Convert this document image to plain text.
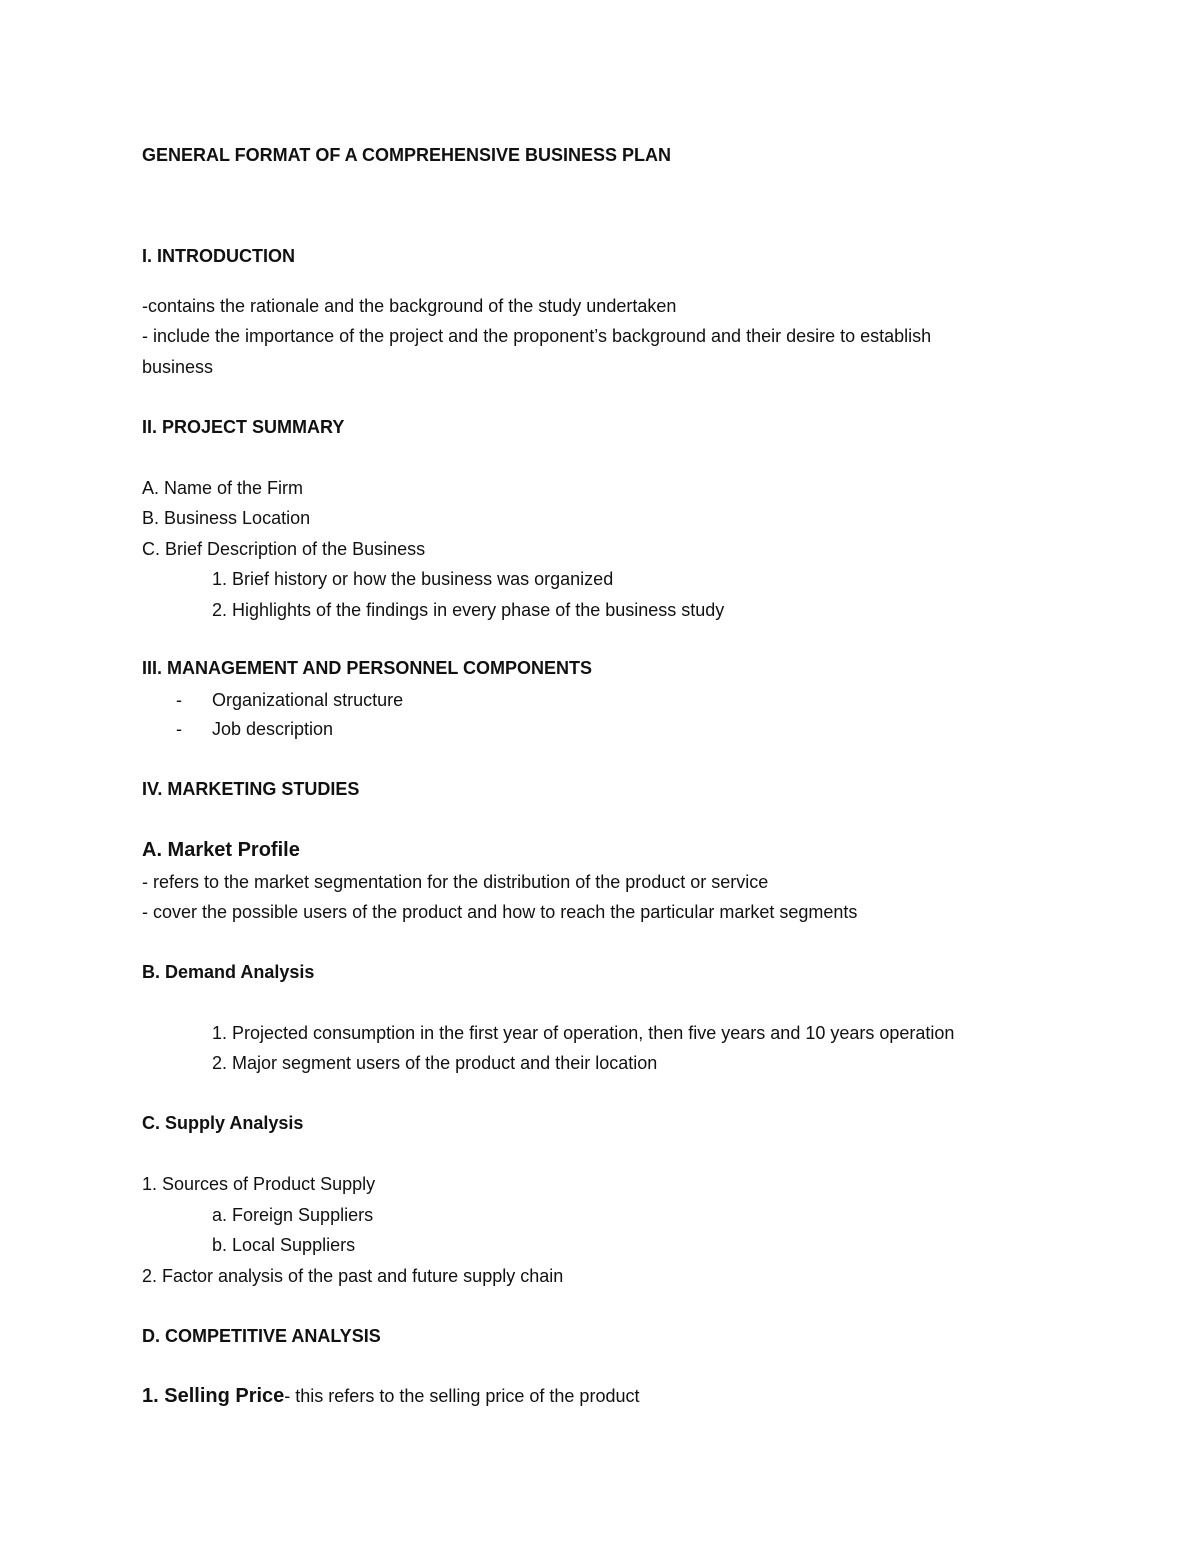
GENERAL FORMAT OF A COMPREHENSIVE BUSINESS PLAN
I. INTRODUCTION
-contains the rationale and the background of the study undertaken
- include the importance of the project and the proponent’s background and their desire to establish
business
II. PROJECT SUMMARY
A. Name of the Firm
B. Business Location
C. Brief Description of the Business
1. Brief history or how the business was organized
2. Highlights of the findings in every phase of the business study
III. MANAGEMENT AND PERSONNEL COMPONENTS
- Organizational structure
- Job description
IV. MARKETING STUDIES
A. Market Profile
- refers to the market segmentation for the distribution of the product or service
- cover the possible users of the product and how to reach the particular market segments
B. Demand Analysis
1. Projected consumption in the first year of operation, then five years and 10 years operation
2. Major segment users of the product and their location
C. Supply Analysis
1. Sources of Product Supply
a. Foreign Suppliers
b. Local Suppliers
2. Factor analysis of the past and future supply chain
D. COMPETITIVE ANALYSIS
1. Selling Price- this refers to the selling price of the product
